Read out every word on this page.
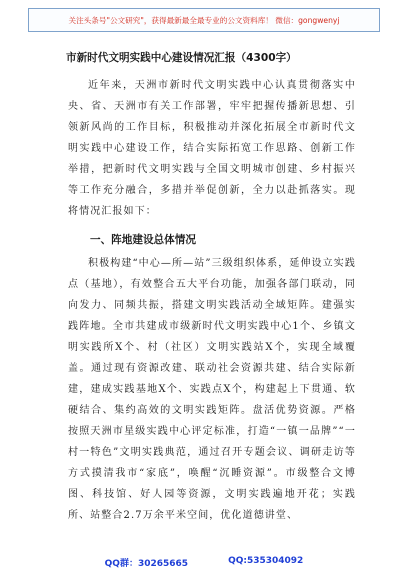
关注头条号"公文研究"，获得最新最全最专业的公文资料库！ 微信：gongwenyj
市新时代文明实践中心建设情况汇报（4300字）

近年来，天洲市新时代文明实践中心认真贯彻落实中央、省、天洲市有关工作部署，牢牢把握传播新思想、引领新风尚的工作目标，积极推动并深化拓展全市新时代文明实践中心建设工作，结合实际拓宽工作思路、创新工作举措，把新时代文明实践与全国文明城市创建、乡村振兴等工作充分融合，多措并举促创新，全力以赴抓落实。现将情况汇报如下：

一、阵地建设总体情况

积极构建“中心—所—站”三级组织体系，延伸设立实践点（基地），有效整合五大平台功能，加强各部门联动，同向发力、同频共振，搭建文明实践活动全域矩阵。建强实践阵地。全市共建成市级新时代文明实践中心1个、乡镇文明实践所X个、村（社区）文明实践站X个，实现全域覆盖。通过现有资源改建、联动社会资源共建、结合实际新建，建成实践基地X个、实践点X个，构建起上下贯通、软硬结合、集约高效的文明实践矩阵。盘活优势资源。严格按照天洲市星级实践中心评定标准，打造“一镇一品牌”“一村一特色”文明实践典范，通过召开专题会议、调研走访等方式摸清我市“家底”，唤醒“沉睡资源”。市级整合文博图、科技馆、好人园等资源，文明实践遍地开花；实践所、站整合2.7万余平米空间，优化道德讲堂、

QQ群：30265665	QQ:535304092
